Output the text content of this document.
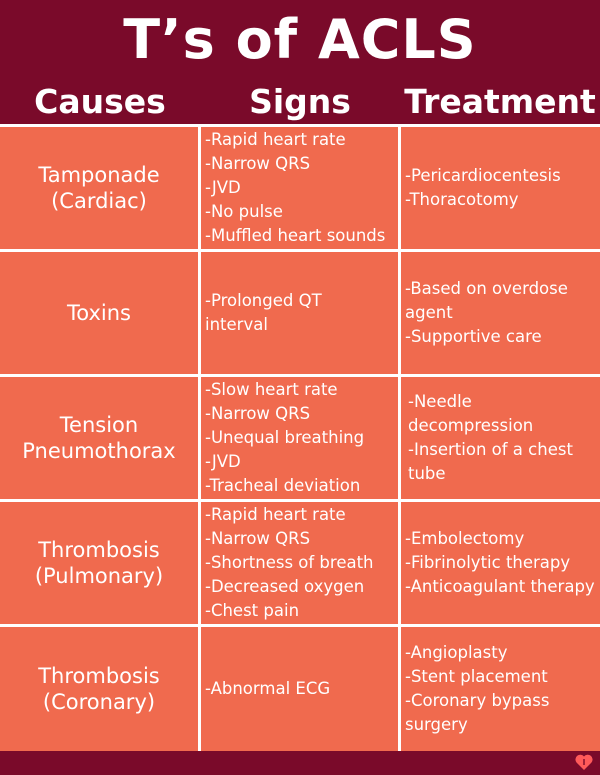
T’s of ACLS
Causes	Signs	Treatment
Tamponade (Cardiac)
-Rapid heart rate
-Narrow QRS
-JVD
-No pulse
-Muffled heart sounds
-Pericardiocentesis
-Thoracotomy
Toxins
-Prolonged QT interval
-Based on overdose agent
-Supportive care
Tension Pneumothorax
-Slow heart rate
-Narrow QRS
-Unequal breathing
-JVD
-Tracheal deviation
-Needle decompression
-Insertion of a chest tube
Thrombosis (Pulmonary)
-Rapid heart rate
-Narrow QRS
-Shortness of breath
-Decreased oxygen
-Chest pain
-Embolectomy
-Fibrinolytic therapy
-Anticoagulant therapy
Thrombosis (Coronary)
-Abnormal ECG
-Angioplasty
-Stent placement
-Coronary bypass surgery
